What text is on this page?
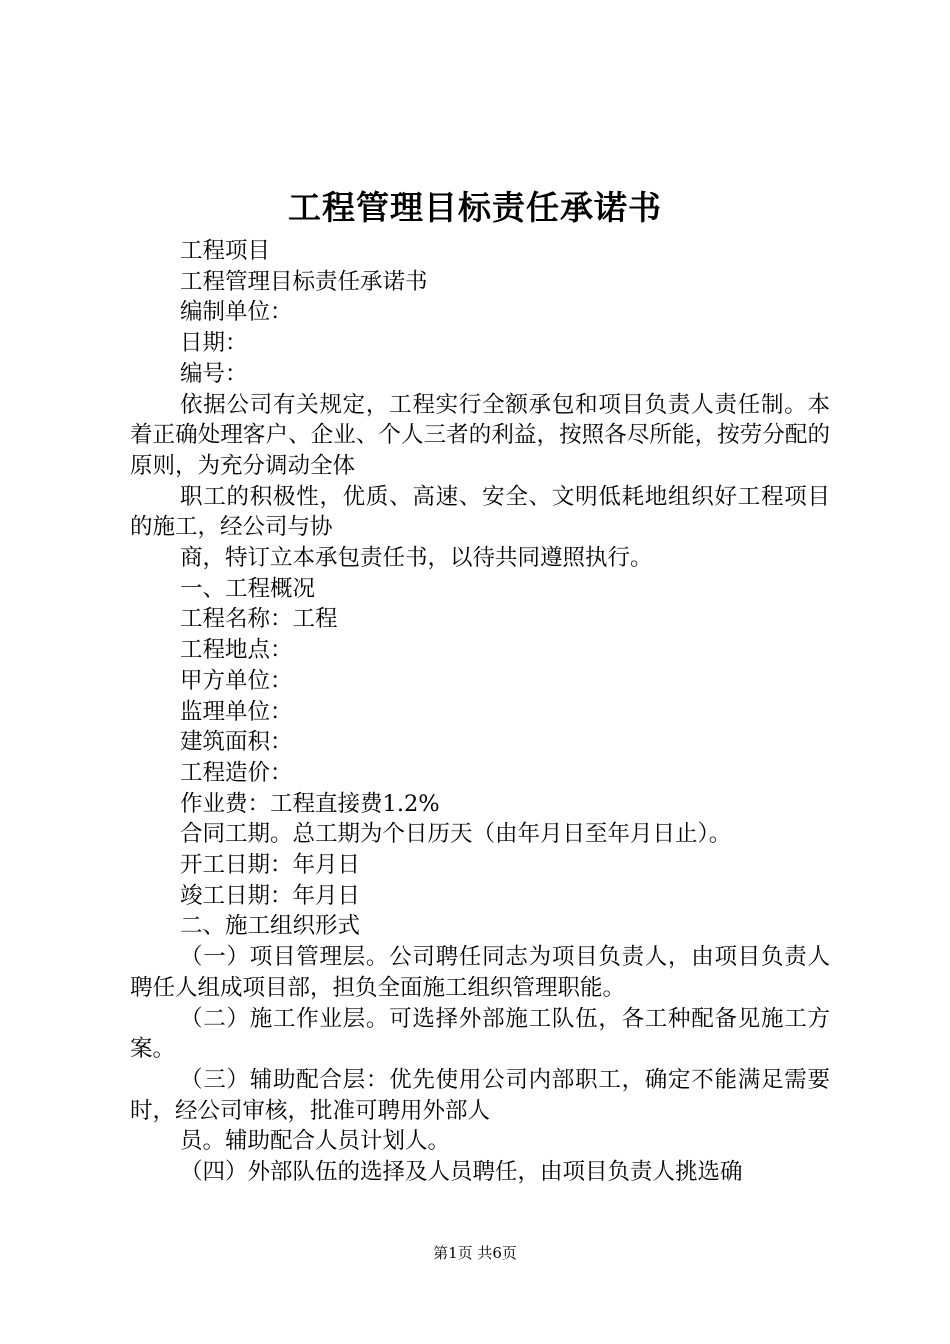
工程管理目标责任承诺书

工程项目

工程管理目标责任承诺书

编制单位：

日期：

编号：

依据公司有关规定，工程实行全额承包和项目负责人责任制。本着正确处理客户、企业、个人三者的利益，按照各尽所能，按劳分配的原则，为充分调动全体

职工的积极性，优质、高速、安全、文明低耗地组织好工程项目的施工，经公司与协

商，特订立本承包责任书，以待共同遵照执行。

一、工程概况

工程名称：工程

工程地点：

甲方单位：

监理单位：

建筑面积：

工程造价：

作业费：工程直接费1.2%

合同工期。总工期为个日历天（由年月日至年月日止）。

开工日期：年月日

竣工日期：年月日

二、施工组织形式

（一）项目管理层。公司聘任同志为项目负责人，由项目负责人聘任人组成项目部，担负全面施工组织管理职能。

（二）施工作业层。可选择外部施工队伍，各工种配备见施工方案。

（三）辅助配合层：优先使用公司内部职工，确定不能满足需要时，经公司审核，批准可聘用外部人

员。辅助配合人员计划人。

（四）外部队伍的选择及人员聘任，由项目负责人挑选确

第1页 共6页
